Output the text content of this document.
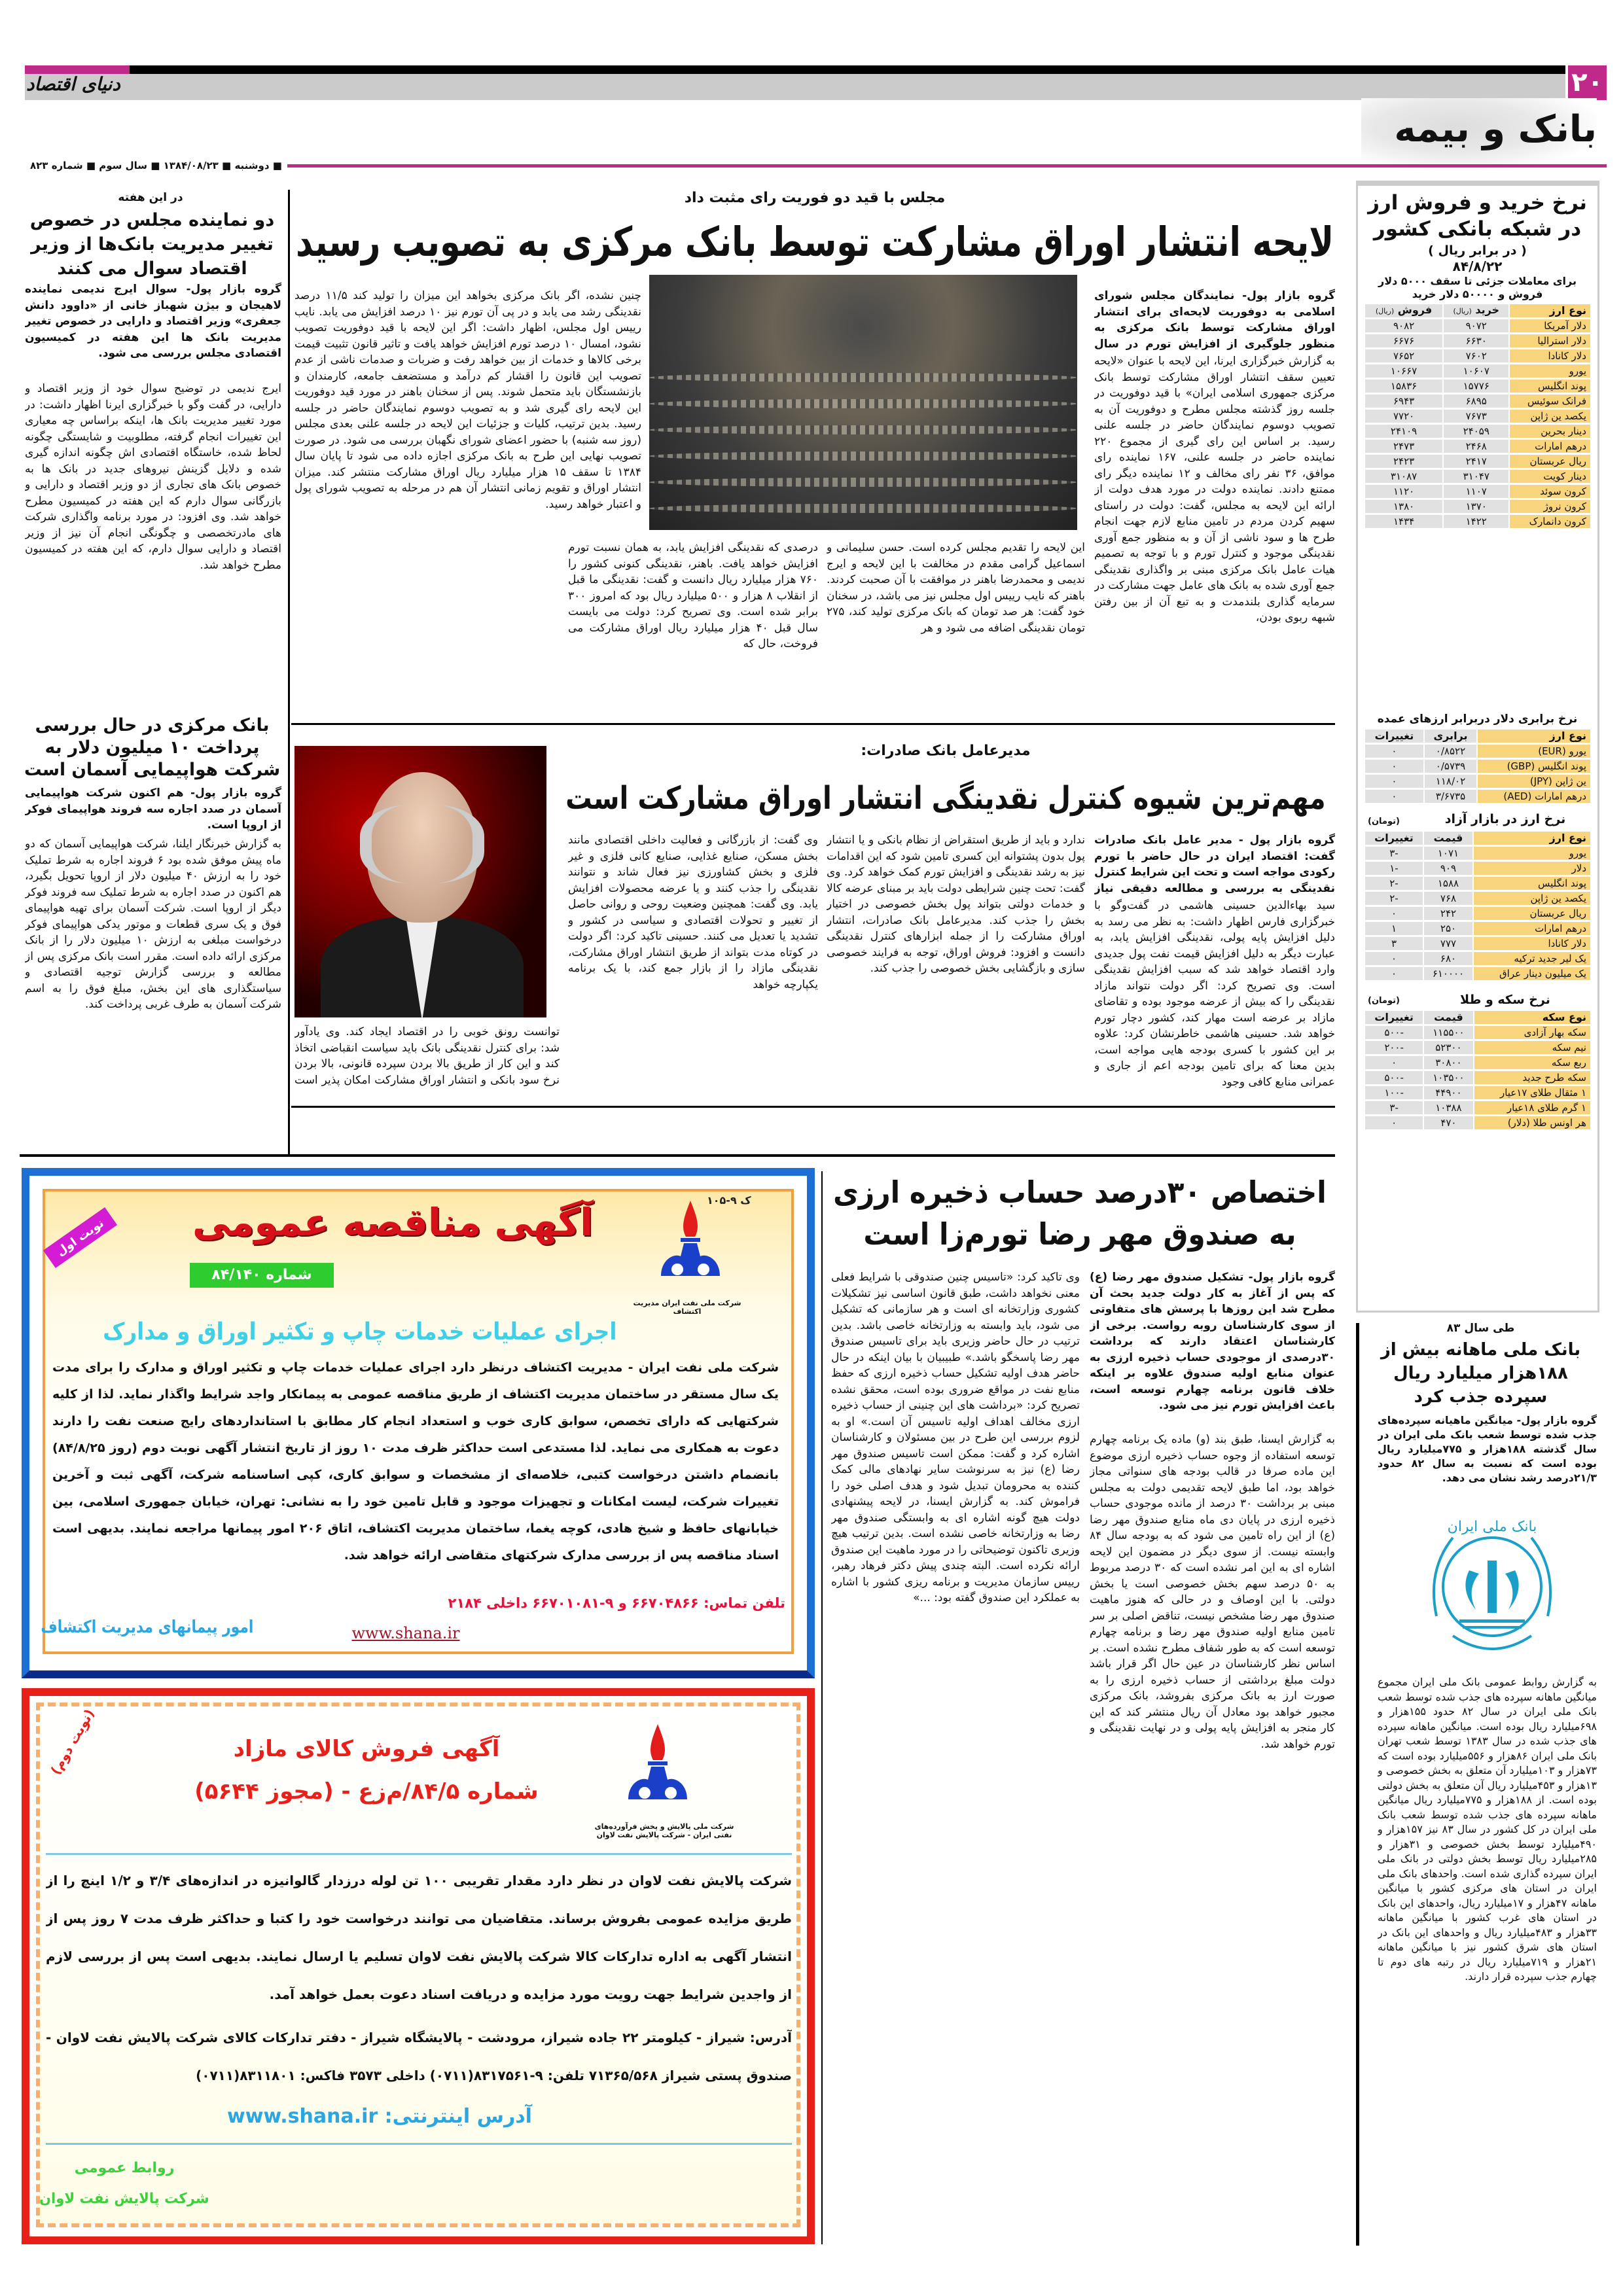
۲۰
دنیای اقتصاد
بانک و بیمه
■ دوشنبه ■ ۱۳۸۴/۰۸/۲۳ ■ سال سوم ■ شماره ۸۲۳
در این هفته
دو نماینده مجلس در خصوص تغییر مدیریت بانک‌ها از وزیر اقتصاد سوال می کنند

گروه بازار پول- سوال ایرج ندیمی نماینده لاهیجان و بیژن شهباز خانی از «داوود دانش جعفری» وزیر اقتصاد و دارایی در خصوص تغییر مدیریت بانک ها این هفته در کمیسیون اقتصادی مجلس بررسی می شود.

ایرج ندیمی در توضیح سوال خود از وزیر اقتصاد و دارایی، در گفت وگو با خبرگزاری ایرنا اظهار داشت: در مورد تغییر مدیریت بانک ها، اینکه براساس چه معیاری این تغییرات انجام گرفته، مطلوبیت و شایستگی چگونه لحاظ شده، خاستگاه اقتصادی اش چگونه اندازه گیری شده و دلایل گزینش نیروهای جدید در بانک ها به خصوص بانک های تجاری از دو وزیر اقتصاد و دارایی و بازرگانی سوال دارم که این هفته در کمیسیون مطرح خواهد شد. وی افزود: در مورد برنامه واگذاری شرکت های مادرتخصصی و چگونگی انجام آن نیز از وزیر اقتصاد و دارایی سوال دارم، که این هفته در کمیسیون مطرح خواهد شد.

بانک مرکزی در حال بررسی پرداخت ۱۰ میلیون دلار به شرکت هواپیمایی آسمان است

گروه بازار پول- هم اکنون شرکت هواپیمایی آسمان در صدد اجاره سه فروند هواپیمای فوکر از اروپا است.

به گزارش خبرنگار ایلنا، شرکت هواپیمایی آسمان که دو ماه پیش موفق شده بود ۶ فروند اجاره به شرط تملیک خود را به ارزش ۴۰ میلیون دلار از اروپا تحویل بگیرد، هم اکنون در صدد اجاره به شرط تملیک سه فروند فوکر دیگر از اروپا است. شرکت آسمان برای تهیه هواپیمای فوق و یک سری قطعات و موتور یدکی هواپیمای فوکر درخواست مبلغی به ارزش ۱۰ میلیون دلار را از بانک مرکزی ارائه داده است. مقرر است بانک مرکزی پس از مطالعه و بررسی گزارش توجیه اقتصادی و سیاستگذاری های این بخش، مبلغ فوق را به اسم شرکت آسمان به طرف غربی پرداخت کند.

مجلس با قید دو فوریت رای مثبت داد
لایحه انتشار اوراق مشارکت توسط بانک مرکزی به تصویب رسید

گروه بازار پول- نمایندگان مجلس شورای اسلامی به دوفوریت لایحه‌ای برای انتشار اوراق مشارکت توسط بانک مرکزی به منظور جلوگیری از افزایش تورم در سال

به گزارش خبرگزاری ایرنا، این لایحه با عنوان «لایحه تعیین سقف انتشار اوراق مشارکت توسط بانک مرکزی جمهوری اسلامی ایران» با قید دوفوریت در جلسه روز گذشته مجلس مطرح و دوفوریت آن به تصویب دوسوم نمایندگان حاضر در جلسه علنی رسید. بر اساس این رای گیری از مجموع ۲۲۰ نماینده حاضر در جلسه علنی، ۱۶۷ نماینده رای موافق، ۳۶ نفر رای مخالف و ۱۲ نماینده دیگر رای ممتنع دادند. نماینده دولت در مورد هدف دولت از ارائه این لایحه به مجلس، گفت: دولت در راستای سهیم کردن مردم در تامین منابع لازم جهت انجام طرح ها و سود ناشی از آن و به منظور جمع آوری نقدینگی موجود و کنترل تورم و با توجه به تصمیم هیات عامل بانک مرکزی مبنی بر واگذاری نقدینگی جمع آوری شده به بانک های عامل جهت مشارکت در سرمایه گذاری بلندمدت و به تبع آن از بین رفتن شبهه ربوی بودن،

این لایحه را تقدیم مجلس کرده است. حسن سلیمانی و اسماعیل گرامی مقدم در مخالفت با این لایحه و ایرج ندیمی و محمدرضا باهنر در موافقت با آن صحبت کردند. باهنر که نایب رییس اول مجلس نیز می باشد، در سخنان خود گفت: هر صد تومان که بانک مرکزی تولید کند، ۲۷۵ تومان نقدینگی اضافه می شود و هر

درصدی که نقدینگی افزایش یابد، به همان نسبت تورم افزایش خواهد یافت. باهنر، نقدینگی کنونی کشور را ۷۶۰ هزار میلیارد ریال دانست و گفت: نقدینگی ما قبل از انقلاب ۸ هزار و ۵۰۰ میلیارد ریال بود که امروز ۳۰۰ برابر شده است. وی تصریح کرد: دولت می بایست سال قبل ۴۰ هزار میلیارد ریال اوراق مشارکت می فروخت، حال که

چنین نشده، اگر بانک مرکزی بخواهد این میزان را تولید کند ۱۱/۵ درصد نقدینگی رشد می یابد و در پی آن تورم نیز ۱۰ درصد افزایش می یابد. نایب رییس اول مجلس، اظهار داشت: اگر این لایحه با قید دوفوریت تصویب نشود، امسال ۱۰ درصد تورم افزایش خواهد یافت و تاثیر قانون تثبیت قیمت برخی کالاها و خدمات از بین خواهد رفت و ضربات و صدمات ناشی از عدم تصویب این قانون را اقشار کم درآمد و مستضعف جامعه، کارمندان و بازنشستگان باید متحمل شوند. پس از سخنان باهنر در مورد قید دوفوریت این لایحه رای گیری شد و به تصویب دوسوم نمایندگان حاضر در جلسه رسید. بدین ترتیب، کلیات و جزئیات این لایحه در جلسه علنی بعدی مجلس (روز سه شنبه) با حضور اعضای شورای نگهبان بررسی می شود. در صورت تصویب نهایی این طرح به بانک مرکزی اجازه داده می شود تا پایان سال ۱۳۸۴ تا سقف ۱۵ هزار میلیارد ریال اوراق مشارکت منتشر کند. میزان انتشار اوراق و تقویم زمانی انتشار آن هم در مرحله به تصویب شورای پول و اعتبار خواهد رسید.

مدیرعامل بانک صادرات:
مهم‌ترین شیوه کنترل نقدینگی انتشار اوراق مشارکت است

گروه بازار پول - مدیر عامل بانک صادرات گفت: اقتصاد ایران در حال حاضر با تورم رکودی مواجه است و تحت این شرایط کنترل نقدینگی به بررسی و مطالعه دقیقی نیاز

سید بهاءالدین حسینی هاشمی در گفت‌وگو با خبرگزاری فارس اظهار داشت: به نظر می رسد به دلیل افزایش پایه پولی، نقدینگی افزایش یابد، به عبارت دیگر به دلیل افزایش قیمت نفت پول جدیدی وارد اقتصاد خواهد شد که سبب افزایش نقدینگی است. وی تصریح کرد: اگر دولت نتواند مازاد نقدینگی را که بیش از عرضه موجود بوده و تقاضای مازاد بر عرضه است مهار کند، کشور دچار تورم خواهد شد. حسینی هاشمی خاطرنشان کرد: علاوه بر این کشور با کسری بودجه هایی مواجه است، بدین معنا که برای تامین بودجه اعم از جاری و عمرانی منابع کافی وجود

ندارد و باید از طریق استقراض از نظام بانکی و یا انتشار پول بدون پشتوانه این کسری تامین شود که این اقدامات نیز به رشد نقدینگی و افزایش تورم کمک خواهد کرد. وی گفت: تحت چنین شرایطی دولت باید بر مبنای عرضه کالا و خدمات دولتی بتواند پول بخش خصوصی در اختیار بخش را جذب کند. مدیرعامل بانک صادرات، انتشار اوراق مشارکت را از جمله ابزارهای کنترل نقدینگی دانست و افزود: فروش اوراق، توجه به فرایند خصوصی سازی و بازگشایی بخش خصوصی را جذب کند.

وی گفت: از بازرگانی و فعالیت داخلی اقتصادی مانند بخش مسکن، صنایع غذایی، صنایع کانی فلزی و غیر فلزی و بخش کشاورزی نیز فعال شاند و نتوانند نقدینگی را جذب کنند و یا عرضه محصولات افزایش یابد. وی گفت: همچنین وضعیت روحی و روانی حاصل از تغییر و تحولات اقتصادی و سیاسی در کشور و تشدید یا تعدیل می کنند. حسینی تاکید کرد: اگر دولت در کوتاه مدت بتواند از طریق انتشار اوراق مشارکت، نقدینگی مازاد را از بازار جمع کند، با یک برنامه یکپارچه خواهد

توانست رونق خوبی را در اقتصاد ایجاد کند. وی یادآور شد: برای کنترل نقدینگی بانک باید سیاست انقباضی اتخاذ کند و این کار از طریق بالا بردن سپرده قانونی، بالا بردن نرخ سود بانکی و انتشار اوراق مشارکت امکان پذیر است

اختصاص ۳۰درصد حساب ذخیره ارزی به صندوق مهر رضا تورم‌زا است

گروه بازار پول- تشکیل صندوق مهر رضا (ع) که پس از آغاز به کار دولت جدید بحث آن مطرح شد این روزها با پرسش های متفاوتی از سوی کارشناسان روبه رواست. برخی از کارشناسان اعتقاد دارند که برداشت ۳۰درصدی از موجودی حساب ذخیره ارزی به عنوان منابع اولیه صندوق علاوه بر اینکه خلاف قانون برنامه چهارم توسعه است، باعث افزایش تورم نیز می شود.

به گزارش ایسنا، طبق بند (و) ماده یک برنامه چهارم توسعه استفاده از وجوه حساب ذخیره ارزی موضوع این ماده صرفا در قالب بودجه های سنواتی مجاز خواهد بود، اما طبق لایحه تقدیمی دولت به مجلس مبنی بر برداشت ۳۰ درصد از مانده موجودی حساب ذخیره ارزی در پایان دی ماه منابع صندوق مهر رضا (ع) از این راه تامین می شود که به بودجه سال ۸۴ وابسته نیست. از سوی دیگر در مضمون این لایحه اشاره ای به این امر نشده است که ۳۰ درصد مربوط به ۵۰ درصد سهم بخش خصوصی است یا بخش دولتی. با این اوصاف و در حالی که هنوز ماهیت صندوق مهر رضا مشخص نیست، تناقض اصلی بر سر تامین منابع اولیه صندوق مهر رضا و برنامه چهارم توسعه است که به طور شفاف مطرح نشده است. بر اساس نظر کارشناسان در عین حال اگر قرار باشد دولت مبلغ برداشتی از حساب ذخیره ارزی را به صورت ارز به بانک مرکزی بفروشد، بانک مرکزی مجبور خواهد بود معادل آن ریال منتشر کند که این کار منجر به افزایش پایه پولی و در نهایت نقدینگی و تورم خواهد شد.

وی تاکید کرد: «تاسیس چنین صندوقی با شرایط فعلی معنی نخواهد داشت، طبق قانون اساسی نیز تشکیلات کشوری وزارتخانه ای است و هر سازمانی که تشکیل می شود، باید وابسته به وزارتخانه خاصی باشد. بدین ترتیب در حال حاضر وزیری باید برای تاسیس صندوق مهر رضا پاسخگو باشد.» طبیبیان با بیان اینکه در حال حاضر هدف اولیه تشکیل حساب ذخیره ارزی که حفظ منابع نفت در مواقع ضروری بوده است، محقق نشده تصریح کرد: «برداشت های این چنینی از حساب ذخیره ارزی مخالف اهداف اولیه تاسیس آن است.» او به لزوم بررسی این طرح در بین مسئولان و کارشناسان اشاره کرد و گفت: ممکن است تاسیس صندوق مهر رضا (ع) نیز به سرنوشت سایر نهادهای مالی کمک کننده به محرومان تبدیل شود و هدف اصلی خود را فراموش کند. به گزارش ایسنا، در لایحه پیشنهادی دولت هیچ گونه اشاره ای به وابستگی صندوق مهر رضا به وزارتخانه خاصی نشده است. بدین ترتیب هیچ وزیری تاکنون توضیحاتی را در مورد ماهیت این صندوق ارائه نکرده است. البته چندی پیش دکتر فرهاد رهبر، رییس سازمان مدیریت و برنامه ریزی کشور با اشاره به عملکرد این صندوق گفته بود: ...»

نوبت اول
ک ۹-۱۰۵
آگهی مناقصه عمومی
شماره ۸۴/۱۴۰
شرکت ملی نفت ایران مدیریت اکتشاف
اجرای عملیات خدمات چاپ و تکثیر اوراق و مدارک
شرکت ملی نفت ایران - مدیریت اکتشاف درنظر دارد اجرای عملیات خدمات چاپ و تکثیر اوراق و مدارک را برای مدت یک سال مستقر در ساختمان مدیریت اکتشاف از طریق مناقصه عمومی به پیمانکار واجد شرایط واگذار نماید. لذا از کلیه شرکتهایی که دارای تخصص، سوابق کاری خوب و استعداد انجام کار مطابق با استانداردهای رایج صنعت نفت را دارند دعوت به همکاری می نماید. لذا مستدعی است حداکثر ظرف مدت ۱۰ روز از تاریخ انتشار آگهی نوبت دوم (روز ۸۴/۸/۲۵) بانضمام داشتن درخواست کتبی، خلاصه‌ای از مشخصات و سوابق کاری، کپی اساسنامه شرکت، آگهی ثبت و آخرین تغییرات شرکت، لیست امکانات و تجهیزات موجود و قابل تامین خود را به نشانی: تهران، خیابان جمهوری اسلامی، بین خیابانهای حافظ و شیخ هادی، کوچه یغما، ساختمان مدیریت اکتشاف، اتاق ۲۰۶ امور پیمانها مراجعه نمایند. بدیهی است اسناد مناقصه پس از بررسی مدارک شرکتهای متقاضی ارائه خواهد شد.
تلفن تماس: ۶۶۷۰۴۸۶۶ و ۹-۶۶۷۰۱۰۸۱ داخلی ۲۱۸۴
www.shana.ir
امور پیمانهای مدیریت اکتشاف
(نوبت دوم)	آگهی فروش کالای مازاد
شماره ۸۴/۵/م‌زع - (مجوز ۵۶۴۴)
شرکت ملی پالایش و پخش فرآورده‌های نفتی ایران - شرکت پالایش نفت لاوان
شرکت پالایش نفت لاوان در نظر دارد مقدار تقریبی ۱۰۰ تن لوله درزدار گالوانیزه در اندازه‌های ۳/۴ و ۱/۲ اینچ را از طریق مزایده عمومی بفروش برساند. متقاضیان می توانند درخواست خود را کتبا و حداکثر ظرف مدت ۷ روز پس از انتشار آگهی به اداره تدارکات کالا شرکت پالایش نفت لاوان تسلیم یا ارسال نمایند. بدیهی است پس از بررسی لازم از واجدین شرایط جهت رویت مورد مزایده و دریافت اسناد دعوت بعمل خواهد آمد.
آدرس: شیراز - کیلومتر ۲۲ جاده شیراز، مرودشت - پالایشگاه شیراز - دفتر تدارکات کالای شرکت پالایش نفت لاوان - صندوق پستی شیراز ۷۱۳۶۵/۵۶۸ تلفن: ۹-۸۳۱۷۵۶۱(۰۷۱۱) داخلی ۳۵۷۳ فاکس: ۸۳۱۱۸۰۱(۰۷۱۱)
آدرس اینترنتی: www.shana.ir
روابط عمومی
شرکت پالایش نفت لاوان
نرخ خرید و فروش ارز در شبکه بانکی کشور
( در برابر ریال )
۸۴/۸/۲۲
برای معاملات جزئی تا سقف ۵۰۰۰ دلار فروش و ۵۰۰۰۰ دلار خرید
نوع ارز	خرید (ریال)	فروش (ریال)
دلار آمریکا	۹۰۷۲	۹۰۸۲
دلار استرالیا	۶۶۳۰	۶۶۷۶
دلار کانادا	۷۶۰۲	۷۶۵۲
یورو	۱۰۶۰۷	۱۰۶۶۷
پوند انگلیس	۱۵۷۷۶	۱۵۸۳۶
فرانک سوئیس	۶۸۹۵	۶۹۴۳
یکصد ین ژاپن	۷۶۷۳	۷۷۲۰
دینار بحرین	۲۴۰۵۹	۲۴۱۰۹
درهم امارات	۲۴۶۸	۲۴۷۳
ریال عربستان	۲۴۱۷	۲۴۲۳
دینار کویت	۳۱۰۴۷	۳۱۰۸۷
کرون سوئد	۱۱۰۷	۱۱۲۰
کرون نروژ	۱۳۷۰	۱۳۸۰
کرون دانمارک	۱۴۲۲	۱۴۳۴
نرخ برابری دلار دربرابر ارزهای عمده
نوع ارز	برابری	تغییرات
یورو (EUR)	۰/۸۵۲۲	۰
پوند انگلیس (GBP)	۰/۵۷۳۹	۰
ین ژاپن (JPY)	۱۱۸/۰۲	۰
درهم امارات (AED)	۳/۶۷۳۵	۰
نرخ ارز در بازار آزاد
(تومان)
نوع ارز	قیمت	تغییرات
یورو	۱۰۷۱	-۳
دلار	۹۰۹	-۱
پوند انگلیس	۱۵۸۸	-۲
یکصد ین ژاپن	۷۶۸	-۲
ریال عربستان	۲۴۲	۰
درهم امارات	۲۵۰	۱
دلار کانادا	۷۷۷	۳
یک لیر جدید ترکیه	۶۸۰	۰
یک میلیون دینار عراق	۶۱۰۰۰۰	۰
نرخ سکه و طلا
(تومان)
نوع سکه	قیمت	تغییرات
سکه بهار آزادی	۱۱۵۵۰۰	-۵۰۰
نیم سکه	۵۲۳۰۰	-۲۰۰
ربع سکه	۳۰۸۰۰	۰
سکه طرح جدید	۱۰۳۵۰۰	-۵۰۰
۱ مثقال طلای ۱۷عیار	۴۴۹۰۰	-۱۰۰
۱ گرم طلای ۱۸عیار	۱۰۳۸۸	-۳
هر اونس طلا (دلار)	۴۷۰	۰
طی سال ۸۳
بانک ملی ماهانه بیش از ۱۸۸هزار میلیارد ریال سپرده جذب کرد

گروه بازار پول- میانگین ماهیانه سپرده‌های جذب شده توسط شعب بانک ملی ایران در سال گذشته ۱۸۸هزار و ۷۷۵میلیارد ریال بوده است که نسبت به سال ۸۲ حدود ۲۱/۳درصد رشد نشان می دهد.

بانک ملی ایران

به گزارش روابط عمومی بانک ملی ایران مجموع میانگین ماهانه سپرده های جذب شده توسط شعب بانک ملی ایران در سال ۸۲ حدود ۱۵۵هزار و ۶۹۸میلیارد ریال بوده است. میانگین ماهانه سپرده های جذب شده در سال ۱۳۸۳ توسط شعب تهران بانک ملی ایران ۸۶هزار و ۵۵۶میلیارد بوده است که ۷۳هزار و ۱۰۳میلیارد آن متعلق به بخش خصوصی و ۱۳هزار و ۴۵۳میلیارد ریال آن متعلق به بخش دولتی بوده است. از ۱۸۸هزار و ۷۷۵میلیارد ریال میانگین ماهانه سپرده های جذب شده توسط شعب بانک ملی ایران در کل کشور در سال ۸۳ نیز ۱۵۷هزار و ۴۹۰میلیارد توسط بخش خصوصی و ۳۱هزار و ۲۸۵میلیارد ریال توسط بخش دولتی در بانک ملی ایران سپرده گذاری شده است. واحدهای بانک ملی ایران در استان های مرکزی کشور با میانگین ماهانه ۴۷هزار و ۱۷میلیارد ریال، واحدهای این بانک در استان های غرب کشور با میانگین ماهانه ۳۳هزار و ۴۸۳میلیارد ریال و واحدهای این بانک در استان های شرق کشور نیز با میانگین ماهانه ۲۱هزار و ۷۱۹میلیارد ریال در رتبه های دوم تا چهارم جذب سپرده قرار دارند.
